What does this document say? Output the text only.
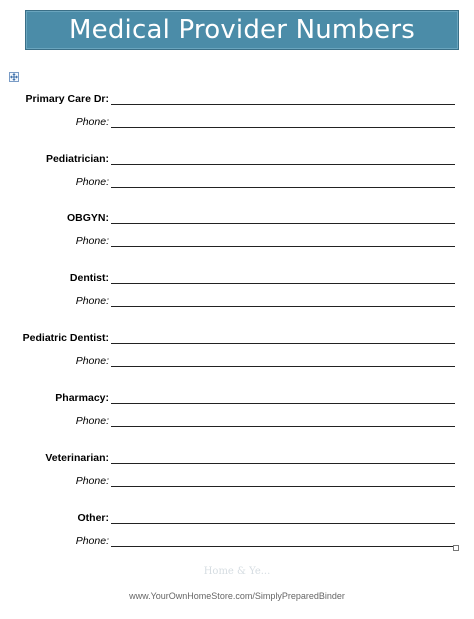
Medical Provider Numbers
Primary Care Dr:
Phone:
Pediatrician:
Phone:
OBGYN:
Phone:
Dentist:
Phone:
Pediatric Dentist:
Phone:
Pharmacy:
Phone:
Veterinarian:
Phone:
Other:
Phone:
Home & Ye...
www.YourOwnHomeStore.com/SimplyPreparedBinder
